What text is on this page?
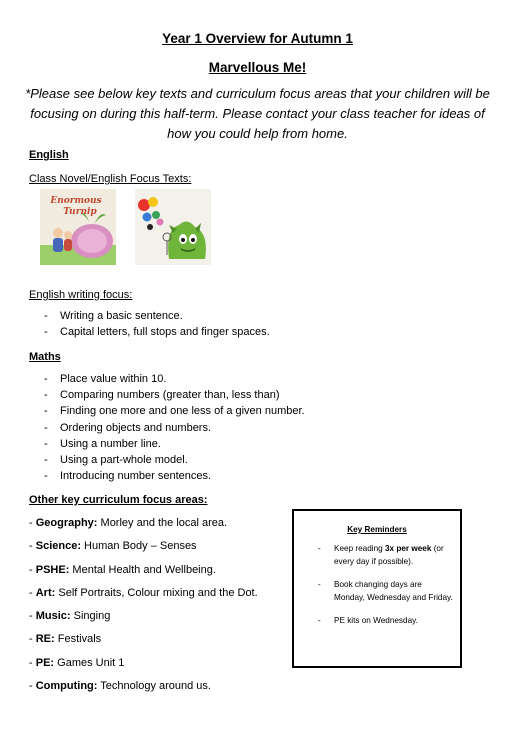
Year 1 Overview for Autumn 1
Marvellous Me!
*Please see below key texts and curriculum focus areas that your children will be focusing on during this half-term. Please contact your class teacher for ideas of how you could help from home.
English
Class Novel/English Focus Texts:
Enormous
Turnip
English writing focus:
- Writing a basic sentence.
- Capital letters, full stops and finger spaces.
Maths
- Place value within 10.
- Comparing numbers (greater than, less than)
- Finding one more and one less of a given number.
- Ordering objects and numbers.
- Using a number line.
- Using a part-whole model.
- Introducing number sentences.
Other key curriculum focus areas:
- Geography: Morley and the local area.
- Science: Human Body – Senses
- PSHE: Mental Health and Wellbeing.
- Art: Self Portraits, Colour mixing and the Dot.
- Music: Singing
- RE: Festivals
- PE: Games Unit 1
- Computing: Technology around us.
Key Reminders
- Keep reading 3x per week (or every day if possible).
- Book changing days are Monday, Wednesday and Friday.
- PE kits on Wednesday.
